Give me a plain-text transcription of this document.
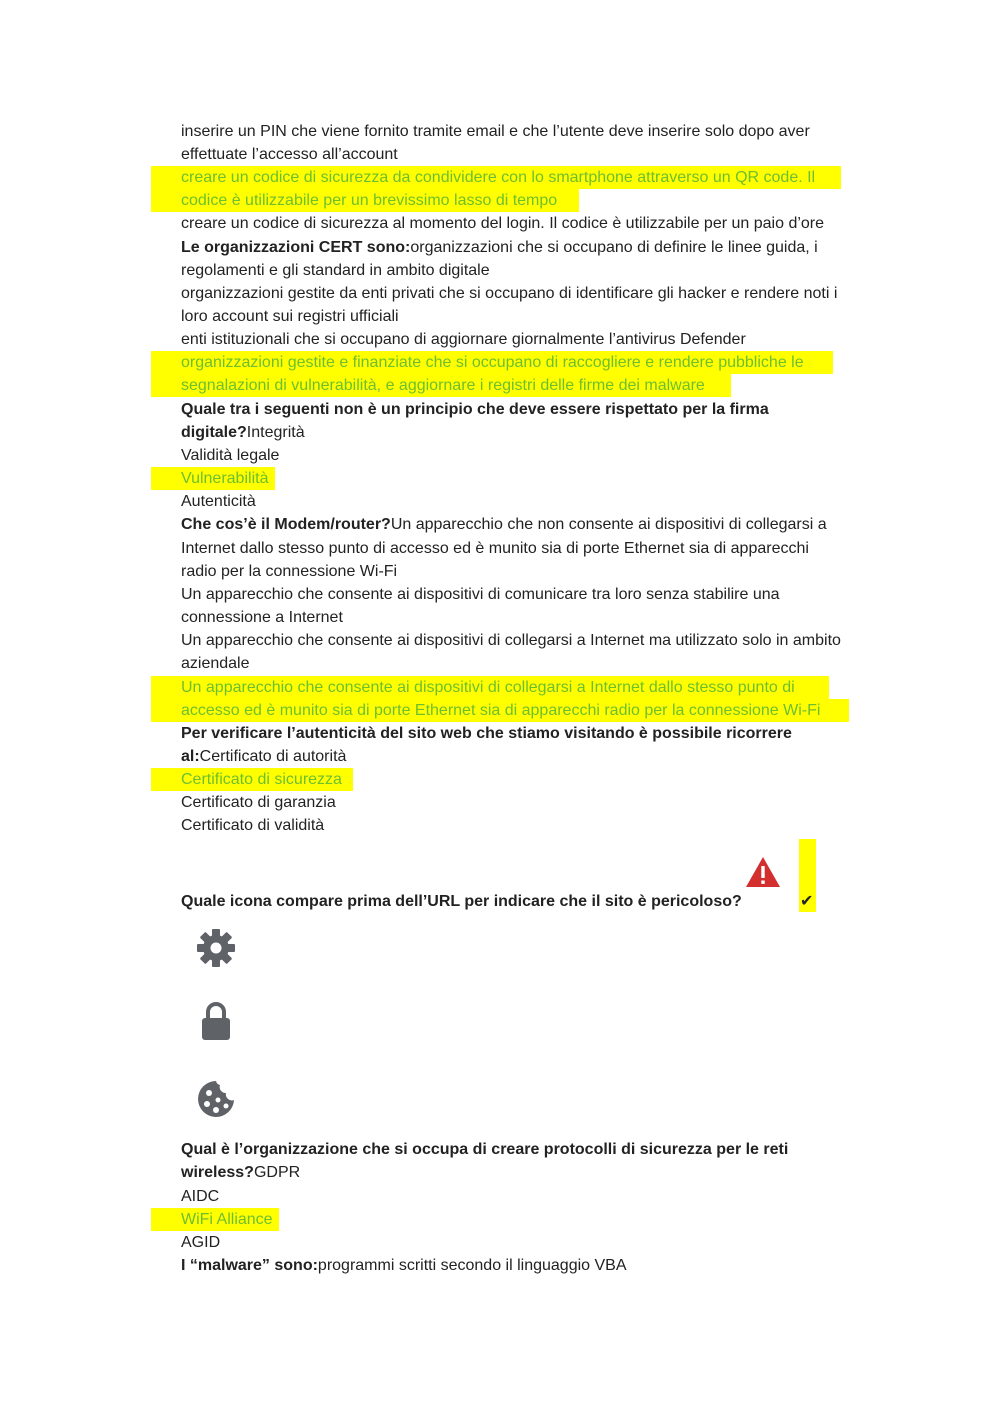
inserire un PIN che viene fornito tramite email e che l’utente deve inserire solo dopo aver
effettuate l’accesso all’account
creare un codice di sicurezza da condividere con lo smartphone attraverso un QR code. Il
codice è utilizzabile per un brevissimo lasso di tempo
creare un codice di sicurezza al momento del login. Il codice è utilizzabile per un paio d’ore
Le organizzazioni CERT sono:organizzazioni che si occupano di definire le linee guida, i
regolamenti e gli standard in ambito digitale
organizzazioni gestite da enti privati che si occupano di identificare gli hacker e rendere noti i
loro account sui registri ufficiali
enti istituzionali che si occupano di aggiornare giornalmente l’antivirus Defender
organizzazioni gestite e finanziate che si occupano di raccogliere e rendere pubbliche le
segnalazioni di vulnerabilità, e aggiornare i registri delle firme dei malware
Quale tra i seguenti non è un principio che deve essere rispettato per la firma
digitale?Integrità
Validità legale
Vulnerabilità
Autenticità
Che cos’è il Modem/router?Un apparecchio che non consente ai dispositivi di collegarsi a
Internet dallo stesso punto di accesso ed è munito sia di porte Ethernet sia di apparecchi
radio per la connessione Wi-Fi
Un apparecchio che consente ai dispositivi di comunicare tra loro senza stabilire una
connessione a Internet
Un apparecchio che consente ai dispositivi di collegarsi a Internet ma utilizzato solo in ambito
aziendale
Un apparecchio che consente ai dispositivi di collegarsi a Internet dallo stesso punto di
accesso ed è munito sia di porte Ethernet sia di apparecchi radio per la connessione Wi-Fi
Per verificare l’autenticità del sito web che stiamo visitando è possibile ricorrere
al:Certificato di autorità
Certificato di sicurezza
Certificato di garanzia
Certificato di validità
Quale icona compare prima dell’URL per indicare che il sito è pericoloso?	✔
Qual è l’organizzazione che si occupa di creare protocolli di sicurezza per le reti
wireless?GDPR
AIDC
WiFi Alliance
AGID
I “malware” sono:programmi scritti secondo il linguaggio VBA
